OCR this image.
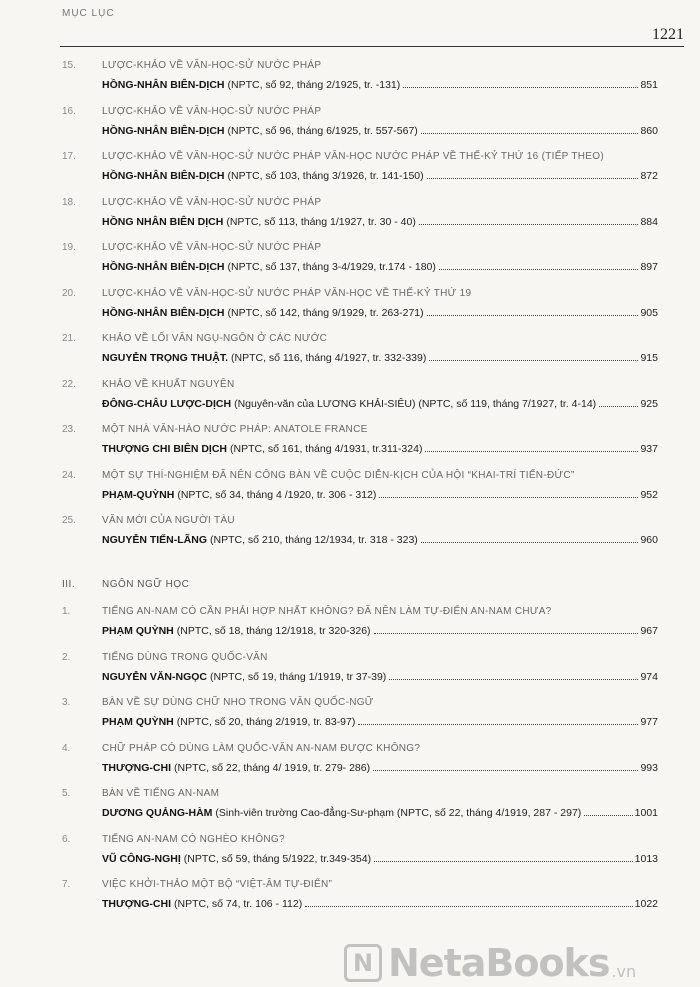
MỤC LỤC
1221
15.	LƯỢC-KHẢO VỀ VĂN-HỌC-SỬ NƯỚC PHÁP
HỒNG-NHÂN BIÊN-DỊCH (NPTC, số 92, tháng 2/1925, tr. -131)	851
16.	LƯỢC-KHẢO VỀ VĂN-HỌC-SỬ NƯỚC PHÁP
HỒNG-NHÂN BIÊN-DỊCH (NPTC, số 96, tháng 6/1925, tr. 557-567)	860
17.	LƯỢC-KHẢO VỀ VĂN-HỌC-SỬ NƯỚC PHÁP VĂN-HỌC NƯỚC PHÁP VỀ THẾ-KỶ THỨ 16 (TIẾP THEO)
HỒNG-NHÂN BIÊN-DỊCH (NPTC, số 103, tháng 3/1926, tr. 141-150)	872
18.	LƯỢC-KHẢO VỀ VĂN-HỌC-SỬ NƯỚC PHÁP
HỒNG NHÂN BIÊN DỊCH (NPTC, số 113, tháng 1/1927, tr. 30 - 40)	884
19.	LƯỢC-KHẢO VỀ VĂN-HỌC-SỬ NƯỚC PHÁP
HỒNG-NHÂN BIÊN-DỊCH (NPTC, số 137, tháng 3-4/1929, tr.174 - 180)	897
20.	LƯỢC-KHẢO VỀ VĂN-HỌC-SỬ NƯỚC PHÁP VĂN-HỌC VỀ THẾ-KỶ THỨ 19
HỒNG-NHÂN BIÊN-DỊCH (NPTC, số 142, tháng 9/1929, tr. 263-271)	905
21.	KHẢO VỀ LỐI VĂN NGỤ-NGÔN Ở CÁC NƯỚC
NGUYỄN TRỌNG THUẬT. (NPTC, số 116, tháng 4/1927, tr. 332-339)	915
22.	KHẢO VỀ KHUẤT NGUYÊN
ĐÔNG-CHÂU LƯỢC-DỊCH (Nguyên-văn của LƯƠNG KHẢI-SIÊU) (NPTC, số 119, tháng 7/1927, tr. 4-14)	925
23.	MỘT NHÀ VĂN-HÀO NƯỚC PHÁP: ANATOLE FRANCE
THƯỢNG CHI BIÊN DỊCH (NPTC, số 161, tháng 4/1931, tr.311-324)	937
24.	MỘT SỰ THÍ-NGHIỆM ĐÃ NÊN CÔNG BÀN VỀ CUỘC DIỄN-KỊCH CỦA HỘI “KHAI-TRÍ TIẾN-ĐỨC”
PHẠM-QUỲNH (NPTC, số 34, tháng 4 /1920, tr. 306 - 312)	952
25.	VĂN MỚI CỦA NGƯỜI TÀU
NGUYỄN TIẾN-LÃNG (NPTC, số 210, tháng 12/1934, tr. 318 - 323)	960
III.	NGÔN NGỮ HỌC
1.	TIẾNG AN-NAM CÓ CẦN PHẢI HỢP NHẤT KHÔNG? ĐÃ NÊN LÀM TỰ-ĐIỂN AN-NAM CHƯA?
PHẠM QUỲNH (NPTC, số 18, tháng 12/1918, tr 320-326)	967
2.	TIẾNG DÙNG TRONG QUỐC-VĂN
NGUYỄN VĂN-NGỌC (NPTC, số 19, tháng 1/1919, tr 37-39)	974
3.	BÀN VỀ SỰ DÙNG CHỮ NHO TRONG VĂN QUỐC-NGỮ
PHẠM QUỲNH (NPTC, số 20, tháng 2/1919, tr. 83-97)	977
4.	CHỮ PHÁP CÓ DÙNG LÀM QUỐC-VĂN AN-NAM ĐƯỢC KHÔNG?
THƯỢNG-CHI (NPTC, số 22, tháng 4/ 1919, tr. 279- 286)	993
5.	BÀN VỀ TIẾNG AN-NAM
DƯƠNG QUẢNG-HÀM (Sinh-viên trường Cao-đẳng-Sư-phạm (NPTC, số 22, tháng 4/1919, 287 - 297)	1001
6.	TIẾNG AN-NAM CÓ NGHÈO KHÔNG?
VŨ CÔNG-NGHỊ (NPTC, số 59, tháng 5/1922, tr.349-354)	1013
7.	VIỆC KHỞI-THẢO MỘT BỘ “VIỆT-ÂM TỰ-ĐIỂN”
THƯỢNG-CHI (NPTC, số 74, tr. 106 - 112)	1022
N
NetaBooks .vn
